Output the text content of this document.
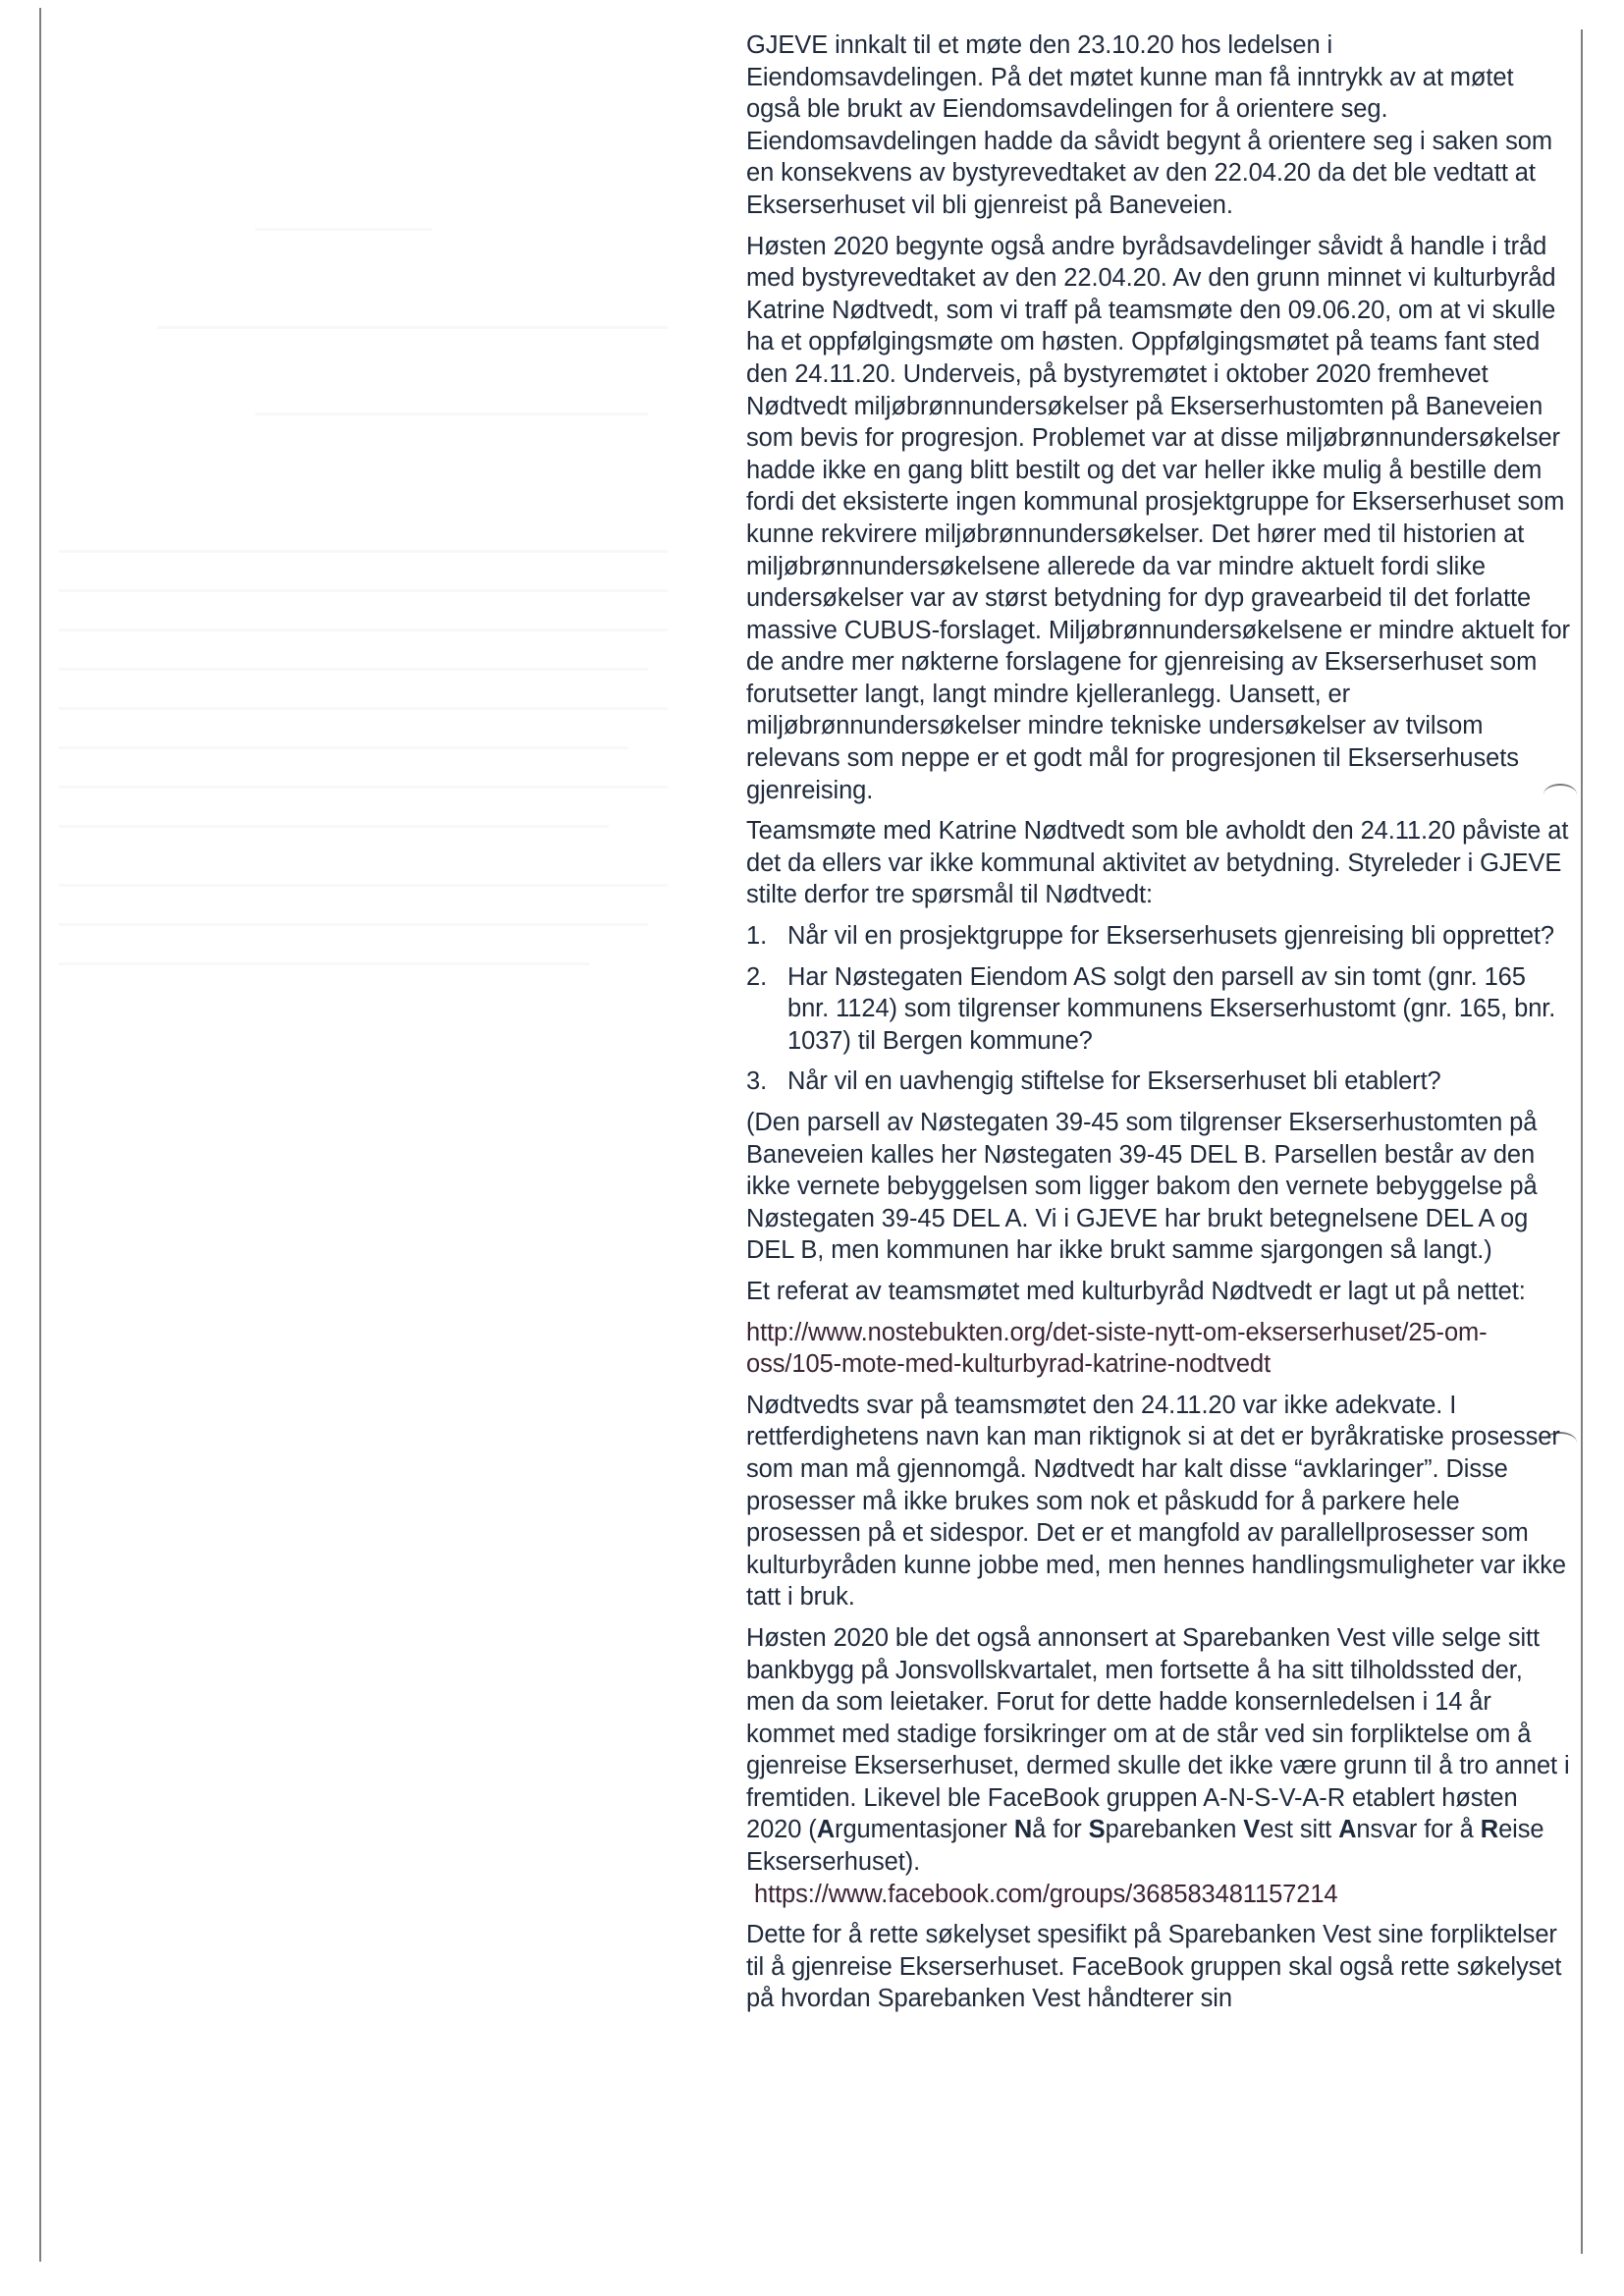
GJEVE innkalt til et møte den 23.10.20 hos ledelsen i Eiendomsavdelingen. På det møtet kunne man få inntrykk av at møtet også ble brukt av Eiendomsavdelingen for å orientere seg. Eiendomsavdelingen hadde da såvidt begynt å orientere seg i saken som en konsekvens av bystyrevedtaket av den 22.04.20 da det ble vedtatt at Ekserserhuset vil bli gjenreist på Baneveien.

Høsten 2020 begynte også andre byrådsavdelinger såvidt å handle i tråd med bystyrevedtaket av den 22.04.20. Av den grunn minnet vi kulturbyråd Katrine Nødtvedt, som vi traff på teamsmøte den 09.06.20, om at vi skulle ha et oppfølgingsmøte om høsten. Oppfølgingsmøtet på teams fant sted den 24.11.20. Underveis, på bystyremøtet i oktober 2020 fremhevet Nødtvedt miljøbrønnundersøkelser på Ekserserhustomten på Baneveien som bevis for progresjon. Problemet var at disse miljøbrønnundersøkelser hadde ikke en gang blitt bestilt og det var heller ikke mulig å bestille dem fordi det eksisterte ingen kommunal prosjektgruppe for Ekserserhuset som kunne rekvirere miljøbrønnundersøkelser. Det hører med til historien at miljøbrønnundersøkelsene allerede da var mindre aktuelt fordi slike undersøkelser var av størst betydning for dyp gravearbeid til det forlatte massive CUBUS-forslaget. Miljøbrønnundersøkelsene er mindre aktuelt for de andre mer nøkterne forslagene for gjenreising av Ekserserhuset som forutsetter langt, langt mindre kjelleranlegg. Uansett, er miljøbrønnundersøkelser mindre tekniske undersøkelser av tvilsom relevans som neppe er et godt mål for progresjonen til Ekserserhusets gjenreising.

Teamsmøte med Katrine Nødtvedt som ble avholdt den 24.11.20 påviste at det da ellers var ikke kommunal aktivitet av betydning. Styreleder i GJEVE stilte derfor tre spørsmål til Nødtvedt:

1. Når vil en prosjektgruppe for Ekserserhusets gjenreising bli opprettet?
2. Har Nøstegaten Eiendom AS solgt den parsell av sin tomt (gnr. 165 bnr. 1124) som tilgrenser kommunens Ekserserhustomt (gnr. 165, bnr. 1037) til Bergen kommune?
3. Når vil en uavhengig stiftelse for Ekserserhuset bli etablert?

(Den parsell av Nøstegaten 39-45 som tilgrenser Ekserserhustomten på Baneveien kalles her Nøstegaten 39-45 DEL B. Parsellen består av den ikke vernete bebyggelsen som ligger bakom den vernete bebyggelse på Nøstegaten 39-45 DEL A. Vi i GJEVE har brukt betegnelsene DEL A og DEL B, men kommunen har ikke brukt samme sjargongen så langt.)

Et referat av teamsmøtet med kulturbyråd Nødtvedt er lagt ut på nettet:

http://www.nostebukten.org/det-siste-nytt-om-ekserserhuset/25-om-oss/105-mote-med-kulturbyrad-katrine-nodtvedt

Nødtvedts svar på teamsmøtet den 24.11.20 var ikke adekvate. I rettferdighetens navn kan man riktignok si at det er byråkratiske prosesser som man må gjennomgå. Nødtvedt har kalt disse “avklaringer”. Disse prosesser må ikke brukes som nok et påskudd for å parkere hele prosessen på et sidespor. Det er et mangfold av parallellprosesser som kulturbyråden kunne jobbe med, men hennes handlingsmuligheter var ikke tatt i bruk.

Høsten 2020 ble det også annonsert at Sparebanken Vest ville selge sitt bankbygg på Jonsvollskvartalet, men fortsette å ha sitt tilholdssted der, men da som leietaker. Forut for dette hadde konsernledelsen i 14 år kommet med stadige forsikringer om at de står ved sin forpliktelse om å gjenreise Ekserserhuset, dermed skulle det ikke være grunn til å tro annet i fremtiden. Likevel ble FaceBook gruppen A-N-S-V-A-R etablert høsten 2020 (Argumentasjoner Nå for Sparebanken Vest sitt Ansvar for å Reise Ekserserhuset).
https://www.facebook.com/groups/368583481157214

Dette for å rette søkelyset spesifikt på Sparebanken Vest sine forpliktelser til å gjenreise Ekserserhuset. FaceBook gruppen skal også rette søkelyset på hvordan Sparebanken Vest håndterer sin
